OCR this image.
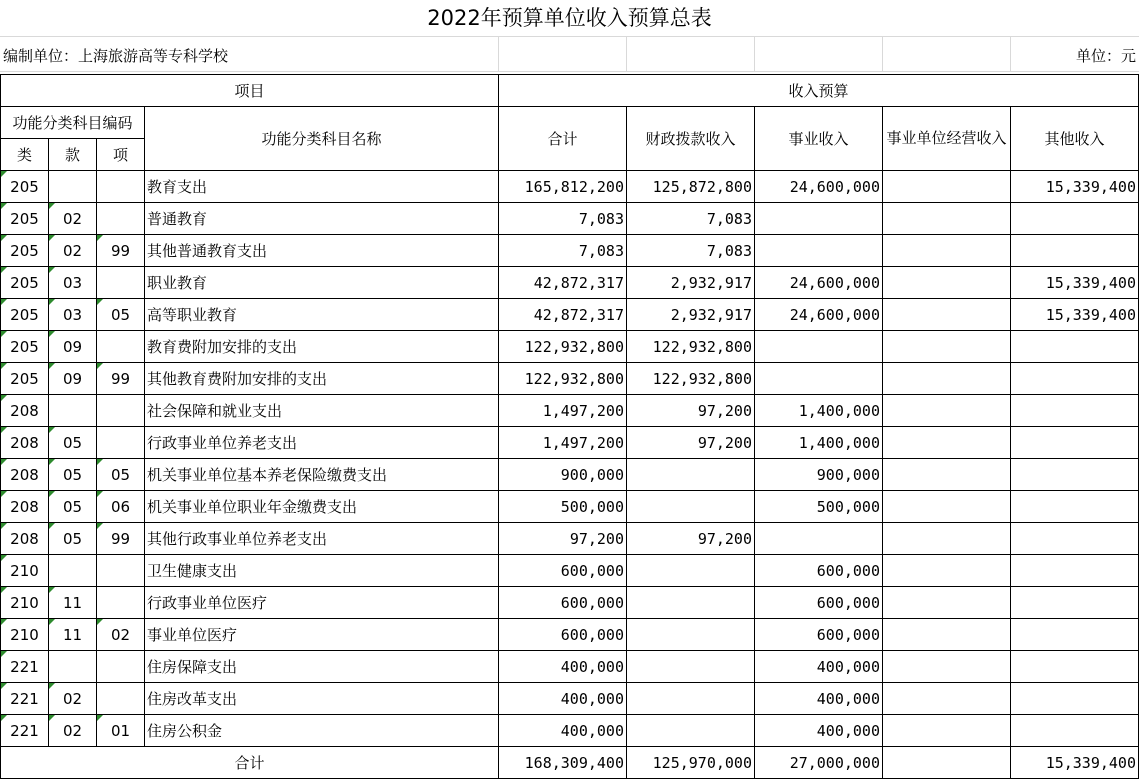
2022年预算单位收入预算总表
编制单位：上海旅游高等专科学校	单位：元
项目				收入预算				
功能分类科目编码			功能分类科目名称	合计	财政拨款收入	事业收入	事业单位经营收入	其他收入
类	款	项						
205			教育支出	165,812,200	125,872,800	24,600,000		15,339,400
205	02		普通教育	7,083	7,083			
205	02	99	其他普通教育支出	7,083	7,083			
205	03		职业教育	42,872,317	2,932,917	24,600,000		15,339,400
205	03	05	高等职业教育	42,872,317	2,932,917	24,600,000		15,339,400
205	09		教育费附加安排的支出	122,932,800	122,932,800			
205	09	99	其他教育费附加安排的支出	122,932,800	122,932,800			
208			社会保障和就业支出	1,497,200	97,200	1,400,000		
208	05		行政事业单位养老支出	1,497,200	97,200	1,400,000		
208	05	05	机关事业单位基本养老保险缴费支出	900,000		900,000		
208	05	06	机关事业单位职业年金缴费支出	500,000		500,000		
208	05	99	其他行政事业单位养老支出	97,200	97,200			
210			卫生健康支出	600,000		600,000		
210	11		行政事业单位医疗	600,000		600,000		
210	11	02	事业单位医疗	600,000		600,000		
221			住房保障支出	400,000		400,000		
221	02		住房改革支出	400,000		400,000		
221	02	01	住房公积金	400,000		400,000		
合计				168,309,400	125,970,000	27,000,000		15,339,400
